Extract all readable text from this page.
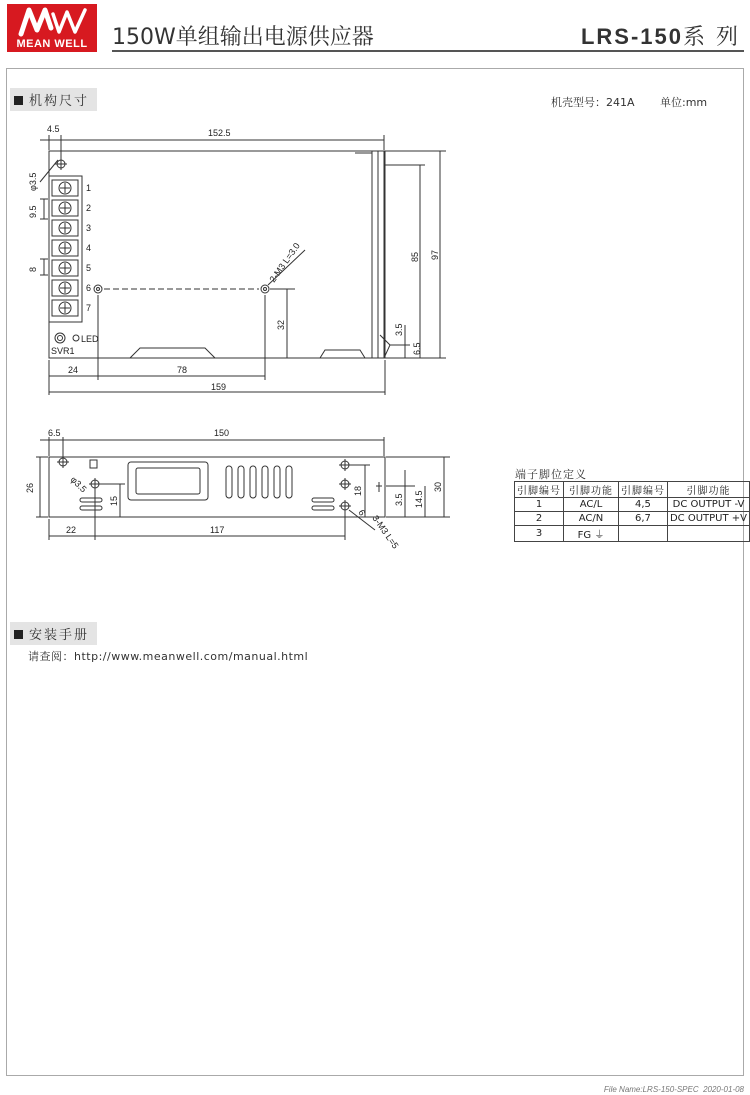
MEAN WELL	150W单组输出电源供应器	LRS-150系 列
机构尺寸	机壳型号：241A 单位:mm
1
2
3
4
5
6
7
LED
SVR1
4.5	152.5
φ3.5
9.5
8
85 97
32	3.5
6.5
2-M3 L=3.0
24	78
159
6.5	150
26	φ3.5
15
18
3.5 14.5
30
6
3-M3 L=5
22	117
端子脚位定义
引脚编号	引脚功能	引脚编号	引脚功能
1	AC/L	4,5	DC OUTPUT -V
2	AC/N	6,7	DC OUTPUT +V
3	FG ⏚		
安装手册
请查阅：http://www.meanwell.com/manual.html
File Name:LRS-150-SPEC 2020-01-08
